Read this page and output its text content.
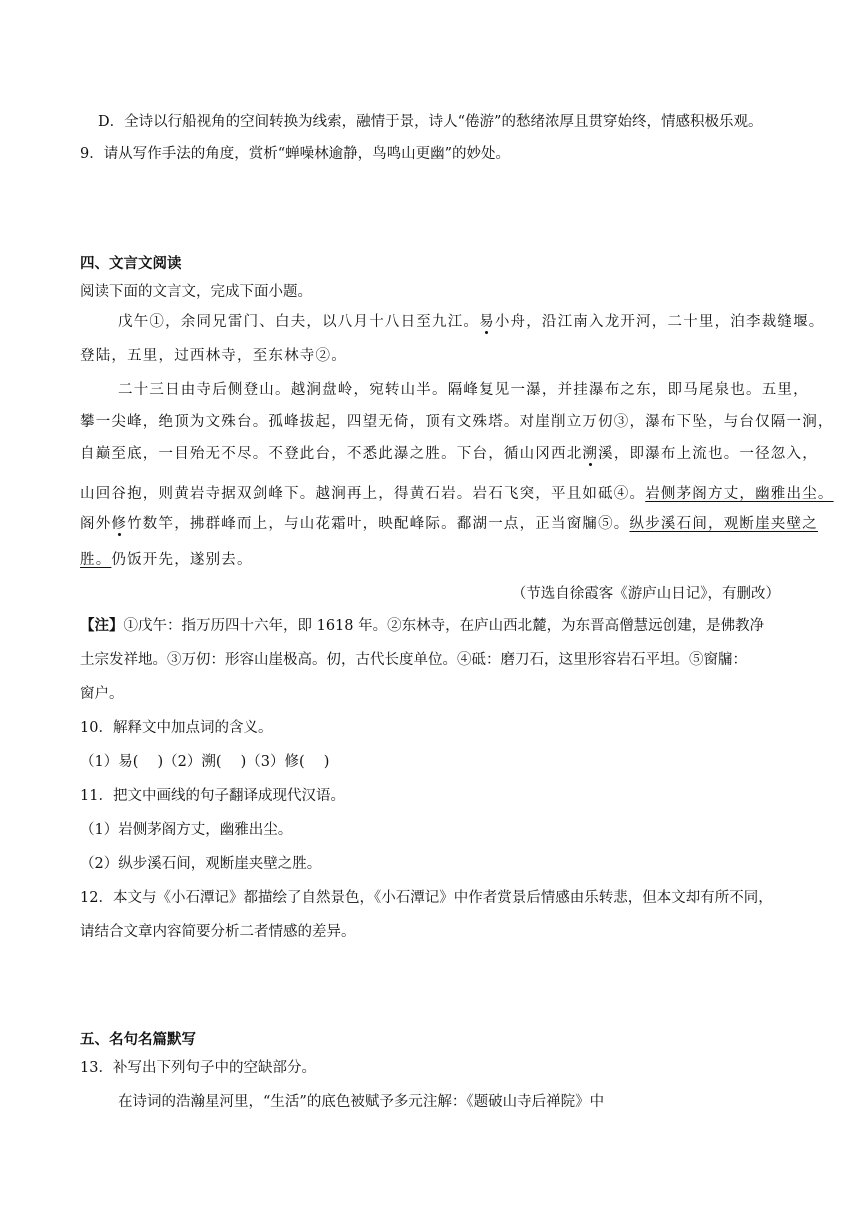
D．全诗以行船视角的空间转换为线索，融情于景，诗人“倦游”的愁绪浓厚且贯穿始终，情感积极乐观。
9．请从写作手法的角度，赏析“蝉噪林逾静，鸟鸣山更幽”的妙处。
四、文言文阅读
阅读下面的文言文，完成下面小题。
戊午①，余同兄雷门、白夫，以八月十八日至九江。易小舟，沿江南入龙开河，二十里，泊李裁缝堰。
登陆，五里，过西林寺，至东林寺②。
二十三日由寺后侧登山。越涧盘岭，宛转山半。隔峰复见一瀑，并挂瀑布之东，即马尾泉也。五里，
攀一尖峰，绝顶为文殊台。孤峰拔起，四望无倚，顶有文殊塔。对崖削立万仞③，瀑布下坠，与台仅隔一涧，
自巅至底，一目殆无不尽。不登此台，不悉此瀑之胜。下台，循山冈西北溯溪，即瀑布上流也。一径忽入，
山回谷抱，则黄岩寺据双剑峰下。越涧再上，得黄石岩。岩石飞突，平且如砥④。岩侧茅阁方丈，幽雅出尘。
阁外修竹数竿，拂群峰而上，与山花霜叶，映配峰际。鄱湖一点，正当窗牖⑤。纵步溪石间，观断崖夹壁之
胜。仍饭开先，遂别去。
（节选自徐霞客《游庐山日记》，有删改）
【注】①戊午：指万历四十六年，即 1618 年。②东林寺，在庐山西北麓，为东晋高僧慧远创建，是佛教净
土宗发祥地。③万仞：形容山崖极高。仞，古代长度单位。④砥：磨刀石，这里形容岩石平坦。⑤窗牖：
窗户。
10．解释文中加点词的含义。
（1）易(　 )（2）溯(　 )（3）修(　 )
11．把文中画线的句子翻译成现代汉语。
（1）岩侧茅阁方丈，幽雅出尘。
（2）纵步溪石间，观断崖夹壁之胜。
12．本文与《小石潭记》都描绘了自然景色，《小石潭记》中作者赏景后情感由乐转悲，但本文却有所不同，
请结合文章内容简要分析二者情感的差异。
五、名句名篇默写
13．补写出下列句子中的空缺部分。
在诗词的浩瀚星河里，“生活”的底色被赋予多元注解：《题破山寺后禅院》中
